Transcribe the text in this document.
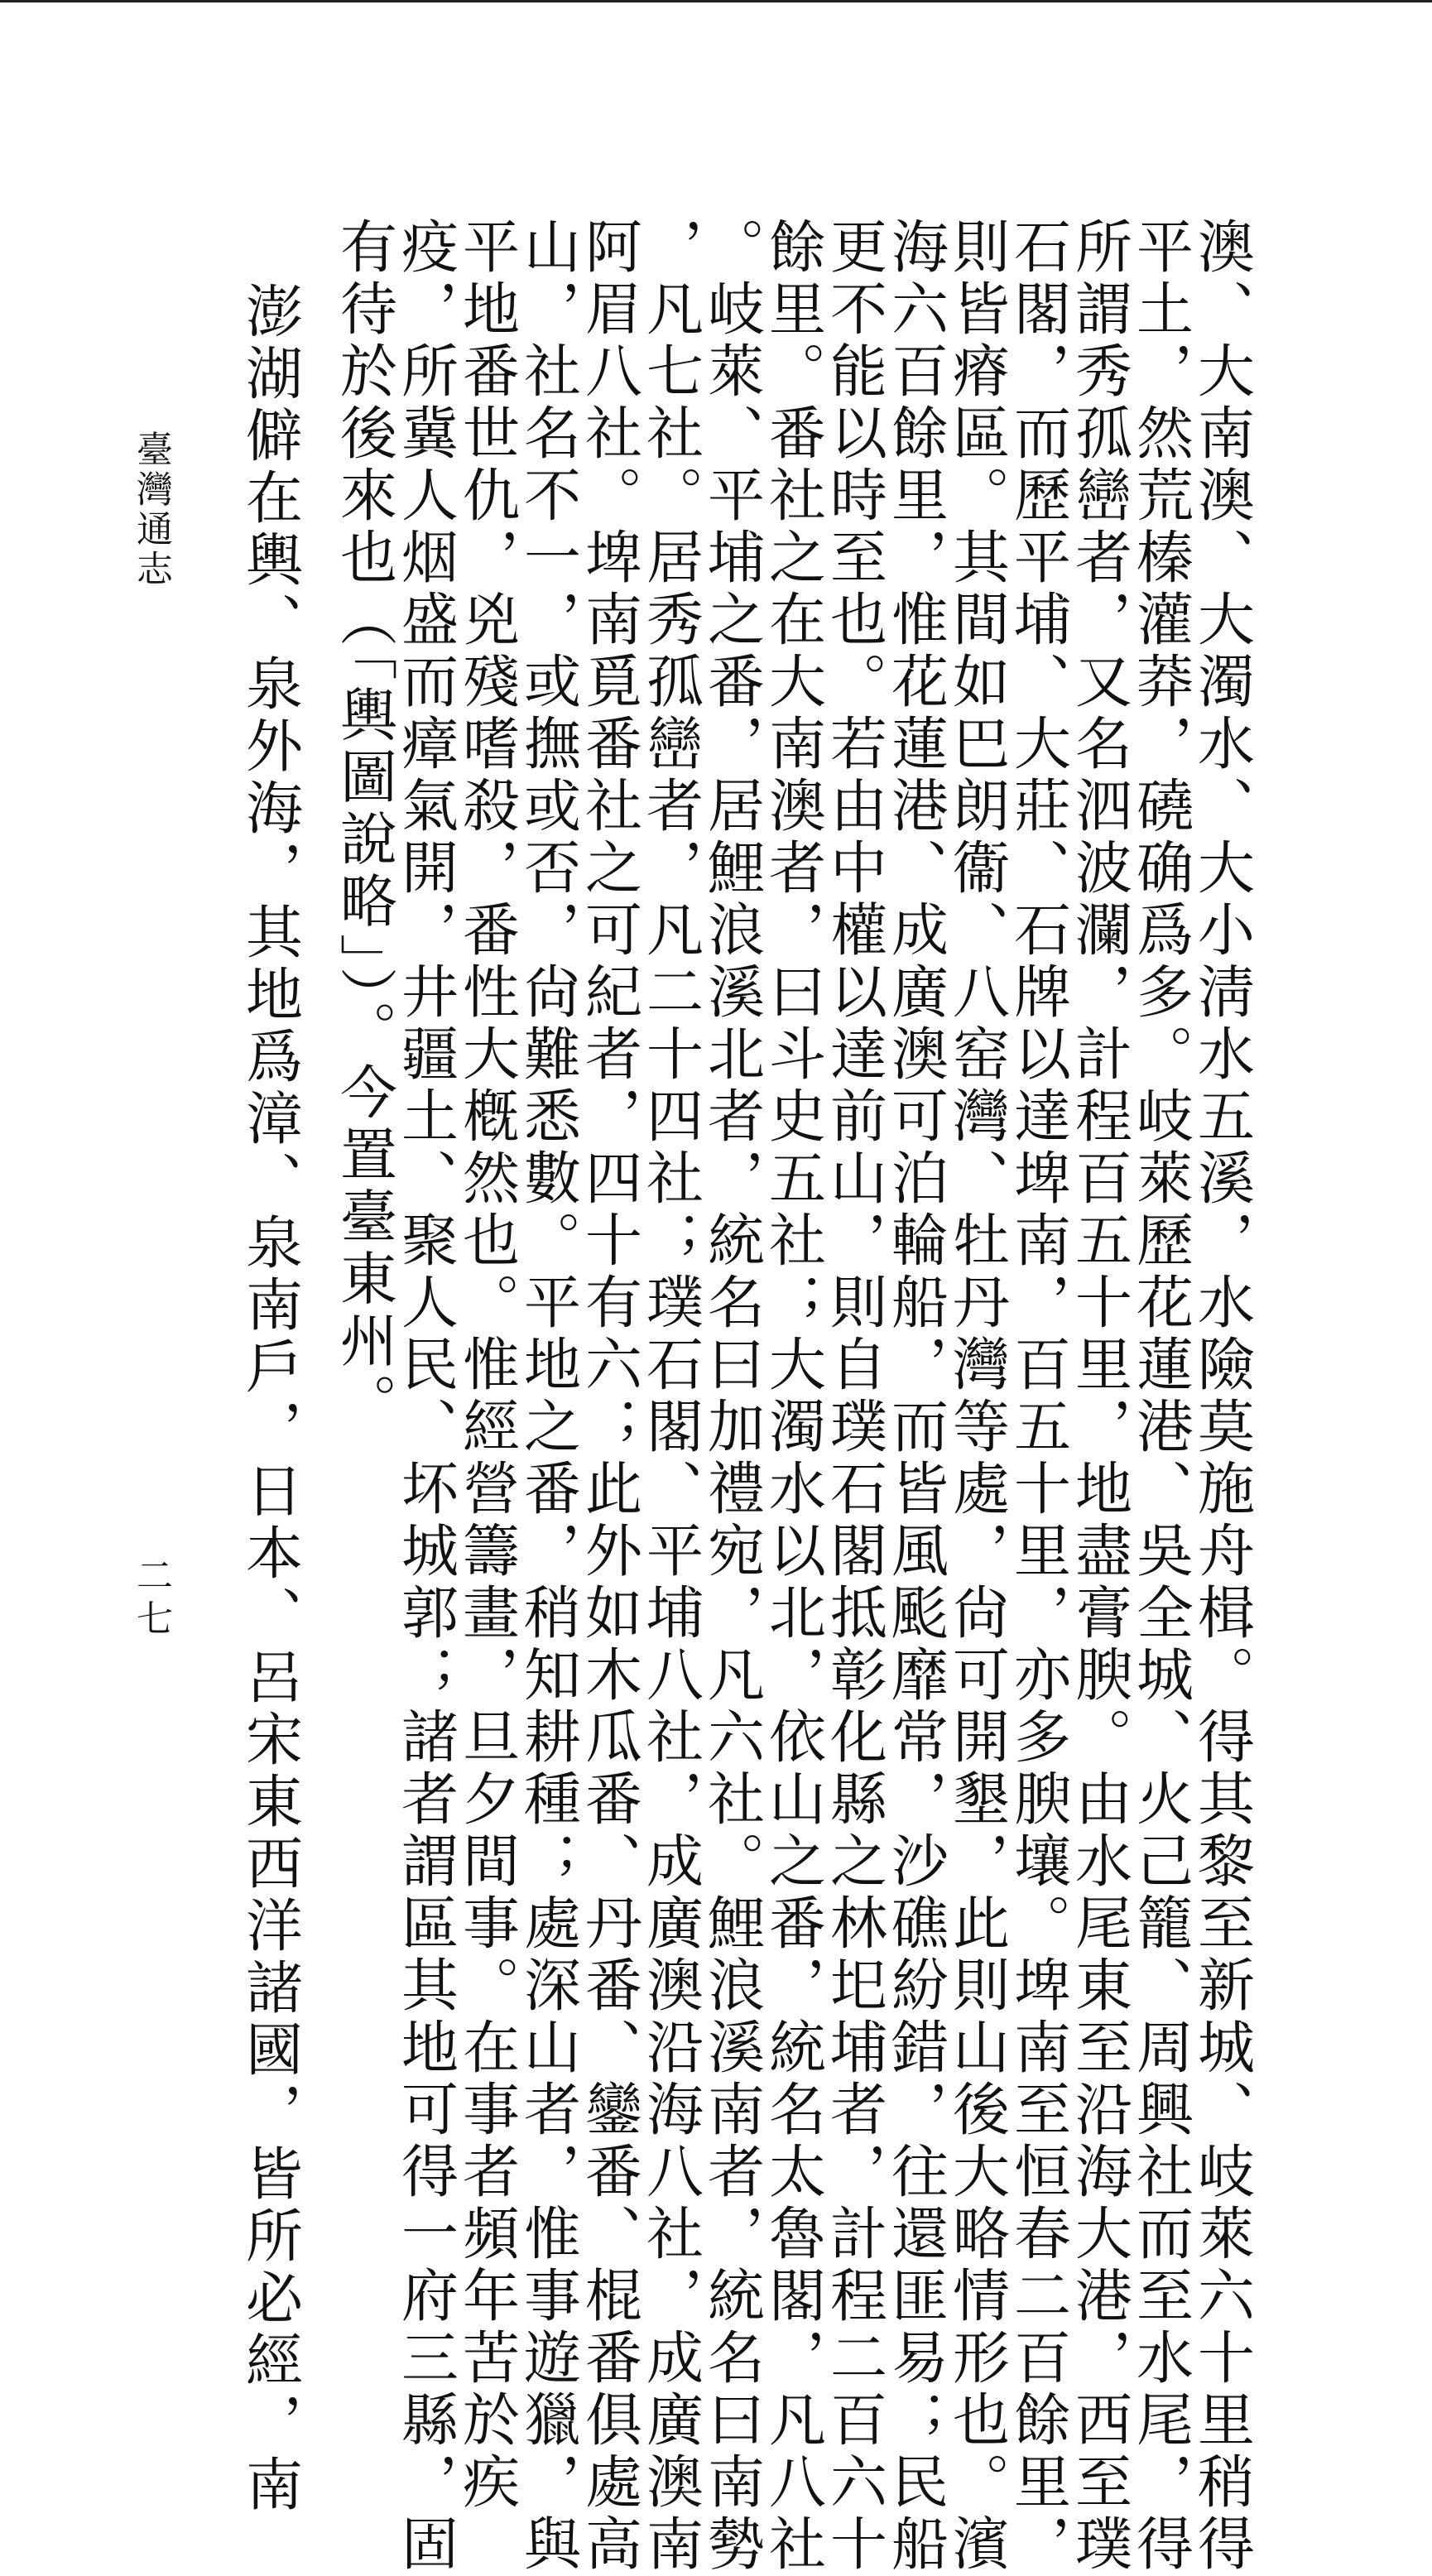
澳、大南澳、大濁水、大小淸水五溪，水險莫施舟楫。得其黎至新城、岐萊六十里稍得
平土，然荒榛灌莽，磽确爲多。岐萊歷花蓮港、吳全城、火己籠、周興社而至水尾，得
所謂秀孤巒者，又名泗波瀾，計程百五十里，地盡膏腴。由水尾東至沿海大港，西至璞
石閣，而歷平埔、大莊、石牌以達埤南，百五十里，亦多腴壤。埤南至恒春二百餘里，
則皆瘠區。其間如巴朗衞、八窑灣、牡丹灣等處，尙可開墾，此則山後大略情形也。濱
海六百餘里，惟花蓮港、成廣澳可泊輪船，而皆風颩靡常，沙礁紛錯，往還匪易；民船
更不能以時至也。若由中權以達前山，則自璞石閣抵彰化縣之林圯埔者，計程二百六十
餘里。番社之在大南澳者，曰斗史五社；大濁水以北，依山之番，統名太魯閣，凡八社
。岐萊、平埔之番，居鯉浪溪北者，統名曰加禮宛，凡六社。鯉浪溪南者，統名曰南勢
，凡七社。居秀孤巒者，凡二十四社；璞石閣、平埔八社，成廣澳沿海八社，成廣澳南
阿眉八社。埤南覓番社之可紀者，四十有六；此外如木瓜番、丹番、鑾番、棍番俱處高
山，社名不一，或撫或否，尙難悉數。平地之番，稍知耕種；處深山者，惟事遊獵，與
平地番世仇，兇殘嗜殺，番性大槪然也。惟經營籌畫，旦夕間事。在事者頻年苦於疾
疫，所冀人烟盛而瘴氣開，井疆土、聚人民、坏城郭；諸者謂區其地可得一府三縣，固
有待於後來也（「輿圖說略」）。今置臺東州。
澎湖僻在輿、泉外海，其地爲漳、泉南戶，日本、呂宋東西洋諸國，皆所必經，南
臺灣通志
二七
